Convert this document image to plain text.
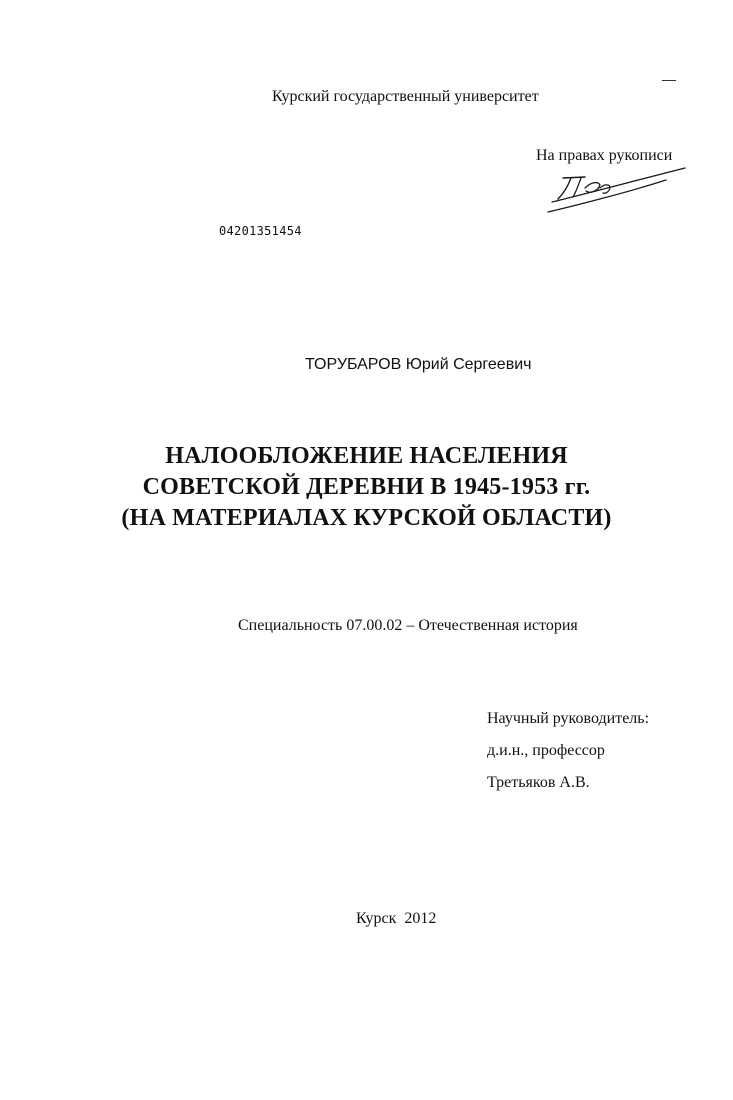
Курский государственный университет
На правах рукописи
04201351454
ТОРУБАРОВ Юрий Сергеевич
НАЛООБЛОЖЕНИЕ НАСЕЛЕНИЯ
СОВЕТСКОЙ ДЕРЕВНИ В 1945-1953 гг.
(НА МАТЕРИАЛАХ КУРСКОЙ ОБЛАСТИ)
Специальность 07.00.02 – Отечественная история
Научный руководитель:
д.и.н., профессор
Третьяков А.В.
Курск  2012
